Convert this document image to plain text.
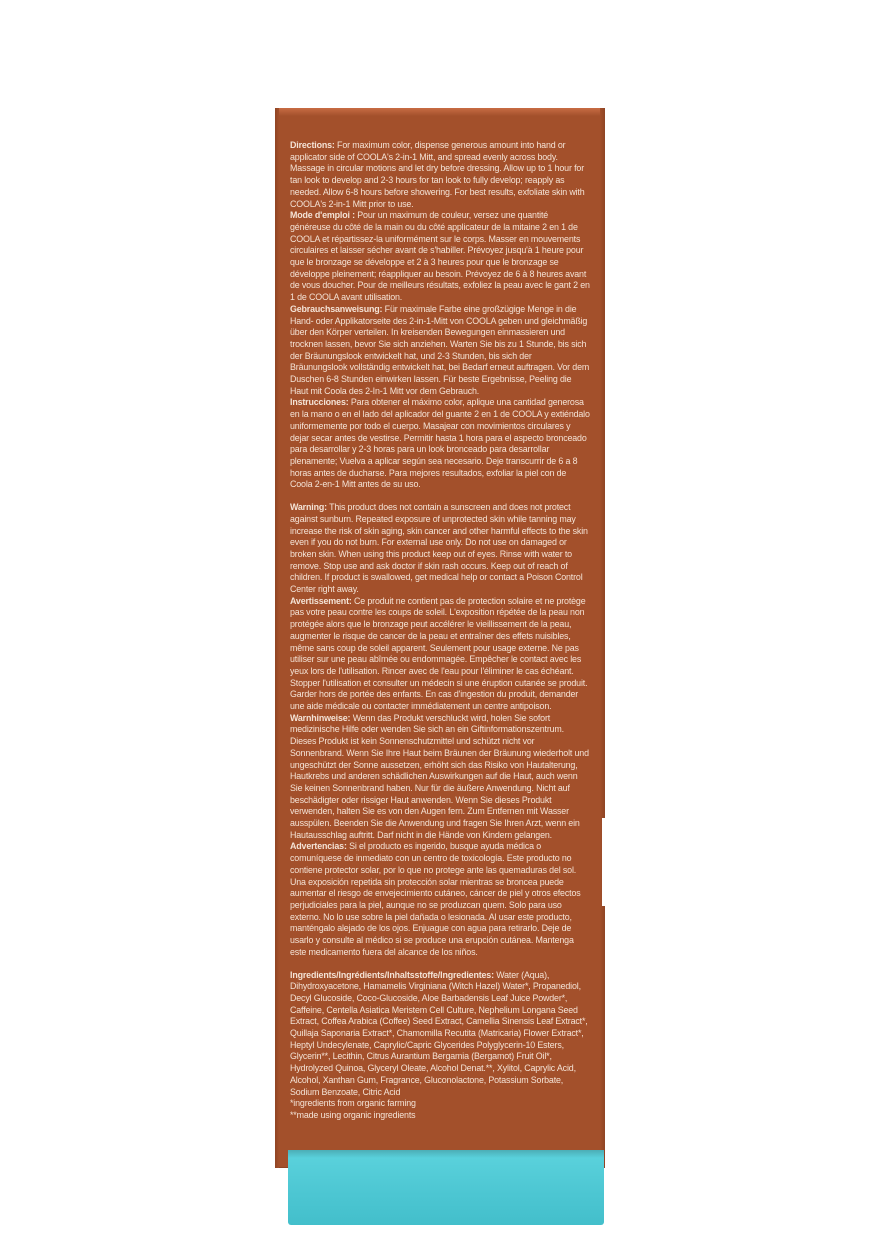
Directions: For maximum color, dispense generous amount into hand or applicator side of COOLA's 2-in-1 Mitt, and spread evenly across body. Massage in circular motions and let dry before dressing. Allow up to 1 hour for tan look to develop and 2-3 hours for tan look to fully develop; reapply as needed. Allow 6-8 hours before showering. For best results, exfoliate skin with COOLA's 2-in-1 Mitt prior to use.

Mode d'emploi : Pour un maximum de couleur, versez une quantité généreuse du côté de la main ou du côté applicateur de la mitaine 2 en 1 de COOLA et répartissez-la uniformément sur le corps. Masser en mouvements circulaires et laisser sécher avant de s'habiller. Prévoyez jusqu'à 1 heure pour que le bronzage se développe et 2 à 3 heures pour que le bronzage se développe pleinement; réappliquer au besoin. Prévoyez de 6 à 8 heures avant de vous doucher. Pour de meilleurs résultats, exfoliez la peau avec le gant 2 en 1 de COOLA avant utilisation.

Gebrauchsanweisung: Für maximale Farbe eine großzügige Menge in die Hand- oder Applikatorseite des 2-in-1-Mitt von COOLA geben und gleichmäßig über den Körper verteilen. In kreisenden Bewegungen einmassieren und trocknen lassen, bevor Sie sich anziehen. Warten Sie bis zu 1 Stunde, bis sich der Bräunungslook entwickelt hat, und 2-3 Stunden, bis sich der Bräunungslook vollständig entwickelt hat, bei Bedarf erneut auftragen. Vor dem Duschen 6-8 Stunden einwirken lassen. Für beste Ergebnisse, Peeling die Haut mit Coola des 2-In-1 Mitt vor dem Gebrauch.

Instrucciones: Para obtener el máximo color, aplique una cantidad generosa en la mano o en el lado del aplicador del guante 2 en 1 de COOLA y extiéndalo uniformemente por todo el cuerpo. Masajear con movimientos circulares y dejar secar antes de vestirse. Permitir hasta 1 hora para el aspecto bronceado para desarrollar y 2-3 horas para un look bronceado para desarrollar plenamente; Vuelva a aplicar según sea necesario. Deje transcurrir de 6 a 8 horas antes de ducharse. Para mejores resultados, exfoliar la piel con de Coola 2-en-1 Mitt antes de su uso.

Warning: This product does not contain a sunscreen and does not protect against sunburn. Repeated exposure of unprotected skin while tanning may increase the risk of skin aging, skin cancer and other harmful effects to the skin even if you do not burn. For external use only. Do not use on damaged or broken skin. When using this product keep out of eyes. Rinse with water to remove. Stop use and ask doctor if skin rash occurs. Keep out of reach of children. If product is swallowed, get medical help or contact a Poison Control Center right away.

Avertissement: Ce produit ne contient pas de protection solaire et ne protège pas votre peau contre les coups de soleil. L'exposition répétée de la peau non protégée alors que le bronzage peut accélérer le vieillissement de la peau, augmenter le risque de cancer de la peau et entraîner des effets nuisibles, même sans coup de soleil apparent. Seulement pour usage externe. Ne pas utiliser sur une peau abîmée ou endommagée. Empêcher le contact avec les yeux lors de l'utilisation. Rincer avec de l'eau pour l'éliminer le cas échéant. Stopper l'utilisation et consulter un médecin si une éruption cutanée se produit. Garder hors de portée des enfants. En cas d'ingestion du produit, demander une aide médicale ou contacter immédiatement un centre antipoison.

Warnhinweise: Wenn das Produkt verschluckt wird, holen Sie sofort medizinische Hilfe oder wenden Sie sich an ein Giftinformationszentrum. Dieses Produkt ist kein Sonnenschutzmittel und schützt nicht vor Sonnenbrand. Wenn Sie Ihre Haut beim Bräunen der Bräunung wiederholt und ungeschützt der Sonne aussetzen, erhöht sich das Risiko von Hautalterung, Hautkrebs und anderen schädlichen Auswirkungen auf die Haut, auch wenn Sie keinen Sonnenbrand haben. Nur für die äußere Anwendung. Nicht auf beschädigter oder rissiger Haut anwenden. Wenn Sie dieses Produkt verwenden, halten Sie es von den Augen fern. Zum Entfernen mit Wasser ausspülen. Beenden Sie die Anwendung und fragen Sie Ihren Arzt, wenn ein Hautausschlag auftritt. Darf nicht in die Hände von Kindern gelangen.

Advertencias: Si el producto es ingerido, busque ayuda médica o comuníquese de inmediato con un centro de toxicología. Este producto no contiene protector solar, por lo que no protege ante las quemaduras del sol. Una exposición repetida sin protección solar mientras se broncea puede aumentar el riesgo de envejecimiento cutáneo, cáncer de piel y otros efectos perjudiciales para la piel, aunque no se produzcan quem. Solo para uso externo. No lo use sobre la piel dañada o lesionada. Al usar este producto, manténgalo alejado de los ojos. Enjuague con agua para retirarlo. Deje de usarlo y consulte al médico si se produce una erupción cutánea. Mantenga este medicamento fuera del alcance de los niños.

Ingredients/Ingrédients/Inhaltsstoffe/Ingredientes: Water (Aqua), Dihydroxyacetone, Hamamelis Virginiana (Witch Hazel) Water*, Propanediol, Decyl Glucoside, Coco-Glucoside, Aloe Barbadensis Leaf Juice Powder*, Caffeine, Centella Asiatica Meristem Cell Culture, Nephelium Longana Seed Extract, Coffea Arabica (Coffee) Seed Extract, Camellia Sinensis Leaf Extract*, Quillaja Saponaria Extract*, Chamomilla Recutita (Matricaria) Flower Extract*, Heptyl Undecylenate, Caprylic/Capric Glycerides Polyglycerin-10 Esters, Glycerin**, Lecithin, Citrus Aurantium Bergamia (Bergamot) Fruit Oil*, Hydrolyzed Quinoa, Glyceryl Oleate, Alcohol Denat.**, Xylitol, Caprylic Acid, Alcohol, Xanthan Gum, Fragrance, Gluconolactone, Potassium Sorbate, Sodium Benzoate, Citric Acid

*ingredients from organic farming

**made using organic ingredients
